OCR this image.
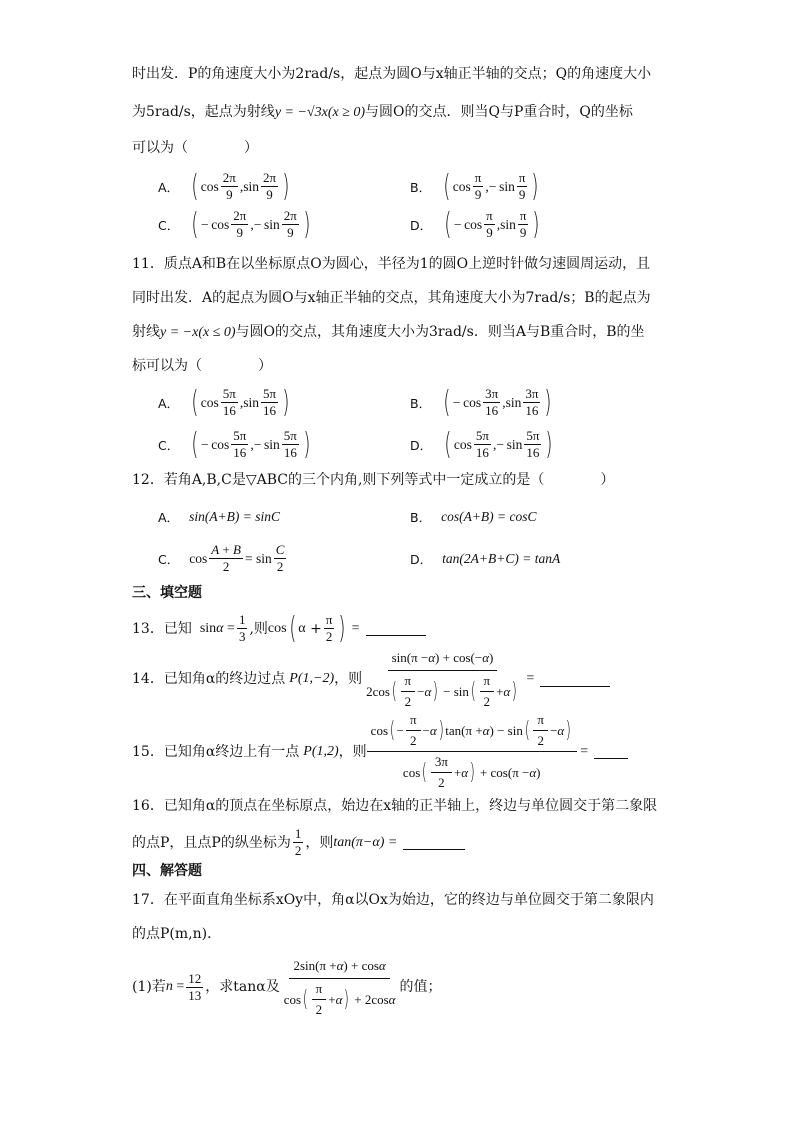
时出发．P的角速度大小为2rad/s，起点为圆O与x轴正半轴的交点；Q的角速度大小
为5rad/s，起点为射线y = −√3x(x ≥ 0)与圆O的交点．则当Q与P重合时，Q的坐标
可以为（　　　　）
A． ( $\cos \frac{2\pi}{9} ,\sin \frac{2\pi}{9}$ )	B． ( $\cos \frac{\pi}{9}$ ,− $\sin \frac{\pi}{9}$ )
C． ( − $\cos \frac{2\pi}{9}$ ,− $\sin \frac{2\pi}{9}$ )	D． ( − $\cos \frac{\pi}{9} ,\sin \frac{\pi}{9}$ )
11．质点A和B在以坐标原点O为圆心，半径为1的圆O上逆时针做匀速圆周运动，且
同时出发．A的起点为圆O与x轴正半轴的交点，其角速度大小为7rad/s；B的起点为
射线y = −x(x ≤ 0)与圆O的交点，其角速度大小为3rad/s．则当A与B重合时，B的坐
标可以为（　　　　）
A． ( $\cos \frac{5\pi}{16} ,\sin \frac{5\pi}{16}$ )	B． ( − $\cos \frac{3\pi}{16} ,\sin \frac{3\pi}{16}$ )
C． ( − $\cos \frac{5\pi}{16}$ ,− $\sin \frac{5\pi}{16}$ )	D． ( $\cos \frac{5\pi}{16}$ ,− $\sin \frac{5\pi}{16}$ )
12．若角A,B,C是▽ABC的三个内角,则下列等式中一定成立的是（　　　　）
A． sin(A+B) = sinC	B． cos(A+B) = cosC
C． $\cos \frac{A + B}{2} = \sin \frac{C}{2}$	D． tan(2A+B+C) = tanA
三、填空题
13．已知 $\sin\alpha = \frac{1}{3}$ ,则 cos ( $\alpha + \frac{\pi}{2}$ ) =
14．已知角α的终边过点 P(1,−2) ，则 $\frac{\sin(\pi - \alpha ) + \cos(- \alpha )}{2\cos ( \frac{\pi}{2} - \alpha ) - \sin ( \frac{\pi}{2} + \alpha )}$ =
15．已知角α终边上有一点 P(1,2) ，则 $\frac{\cos ( - \frac{\pi}{2} - \alpha ) \tan(\pi + \alpha ) - \sin ( \frac{\pi}{2} - \alpha )}{\cos ( \frac{3\pi}{2} + \alpha ) + \cos(\pi - \alpha )}$ =
16．已知角α的顶点在坐标原点，始边在x轴的正半轴上，终边与单位圆交于第二象限
的点P，且点P的纵坐标为 $\frac{1}{2}$ ，则 tan(π−α) =
四、解答题
17．在平面直角坐标系xOy中，角α以Ox为始边，它的终边与单位圆交于第二象限内
的点P(m,n)．
(1)若 $n = \frac{12}{13}$ ，求tanα及 $\frac{\text{2sin(π + α ) + cos α}}{\cos ( \frac{\pi}{2} + \alpha ) + 2\cos \alpha}$ 的值；
